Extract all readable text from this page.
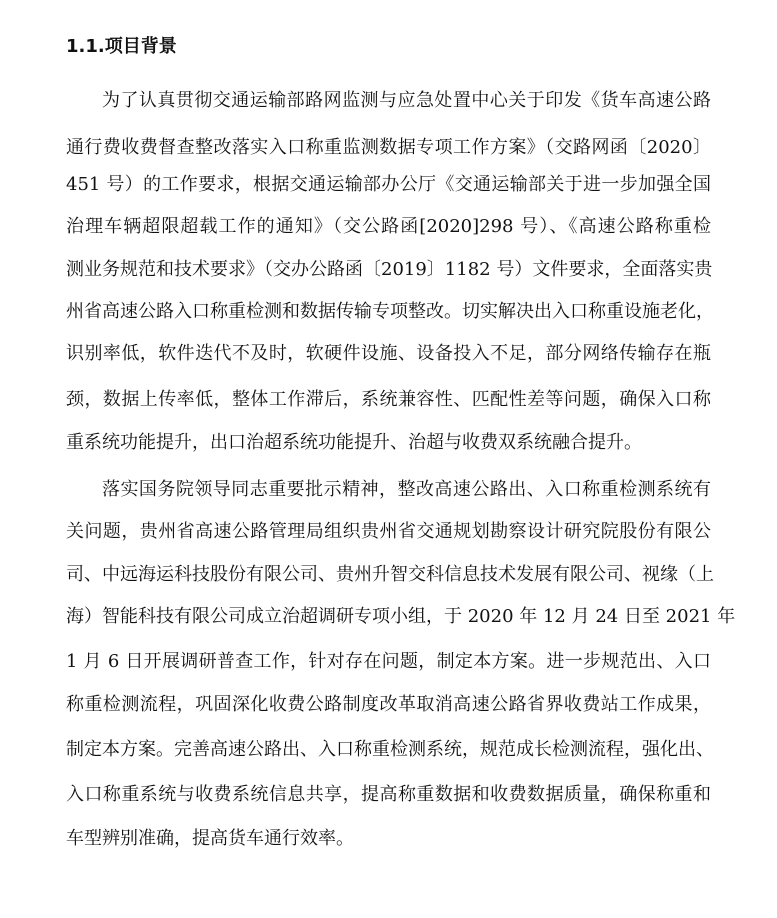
1.1.项目背景
为了认真贯彻交通运输部路网监测与应急处置中心关于印发《货车高速公路
通行费收费督查整改落实入口称重监测数据专项工作方案》（交路网函〔2020〕
451 号）的工作要求，根据交通运输部办公厅《交通运输部关于进一步加强全国
治理车辆超限超载工作的通知》（交公路函[2020]298 号）、《高速公路称重检
测业务规范和技术要求》（交办公路函〔2019〕1182 号）文件要求，全面落实贵
州省高速公路入口称重检测和数据传输专项整改。切实解决出入口称重设施老化，
识别率低，软件迭代不及时，软硬件设施、设备投入不足，部分网络传输存在瓶
颈，数据上传率低，整体工作滞后，系统兼容性、匹配性差等问题，确保入口称
重系统功能提升，出口治超系统功能提升、治超与收费双系统融合提升。
落实国务院领导同志重要批示精神，整改高速公路出、入口称重检测系统有
关问题，贵州省高速公路管理局组织贵州省交通规划勘察设计研究院股份有限公
司、中远海运科技股份有限公司、贵州升智交科信息技术发展有限公司、视缘（上
海）智能科技有限公司成立治超调研专项小组，于 2020 年 12 月 24 日至 2021 年
1 月 6 日开展调研普查工作，针对存在问题，制定本方案。进一步规范出、入口
称重检测流程，巩固深化收费公路制度改革取消高速公路省界收费站工作成果，
制定本方案。完善高速公路出、入口称重检测系统，规范成长检测流程，强化出、
入口称重系统与收费系统信息共享，提高称重数据和收费数据质量，确保称重和
车型辨别准确，提高货车通行效率。
